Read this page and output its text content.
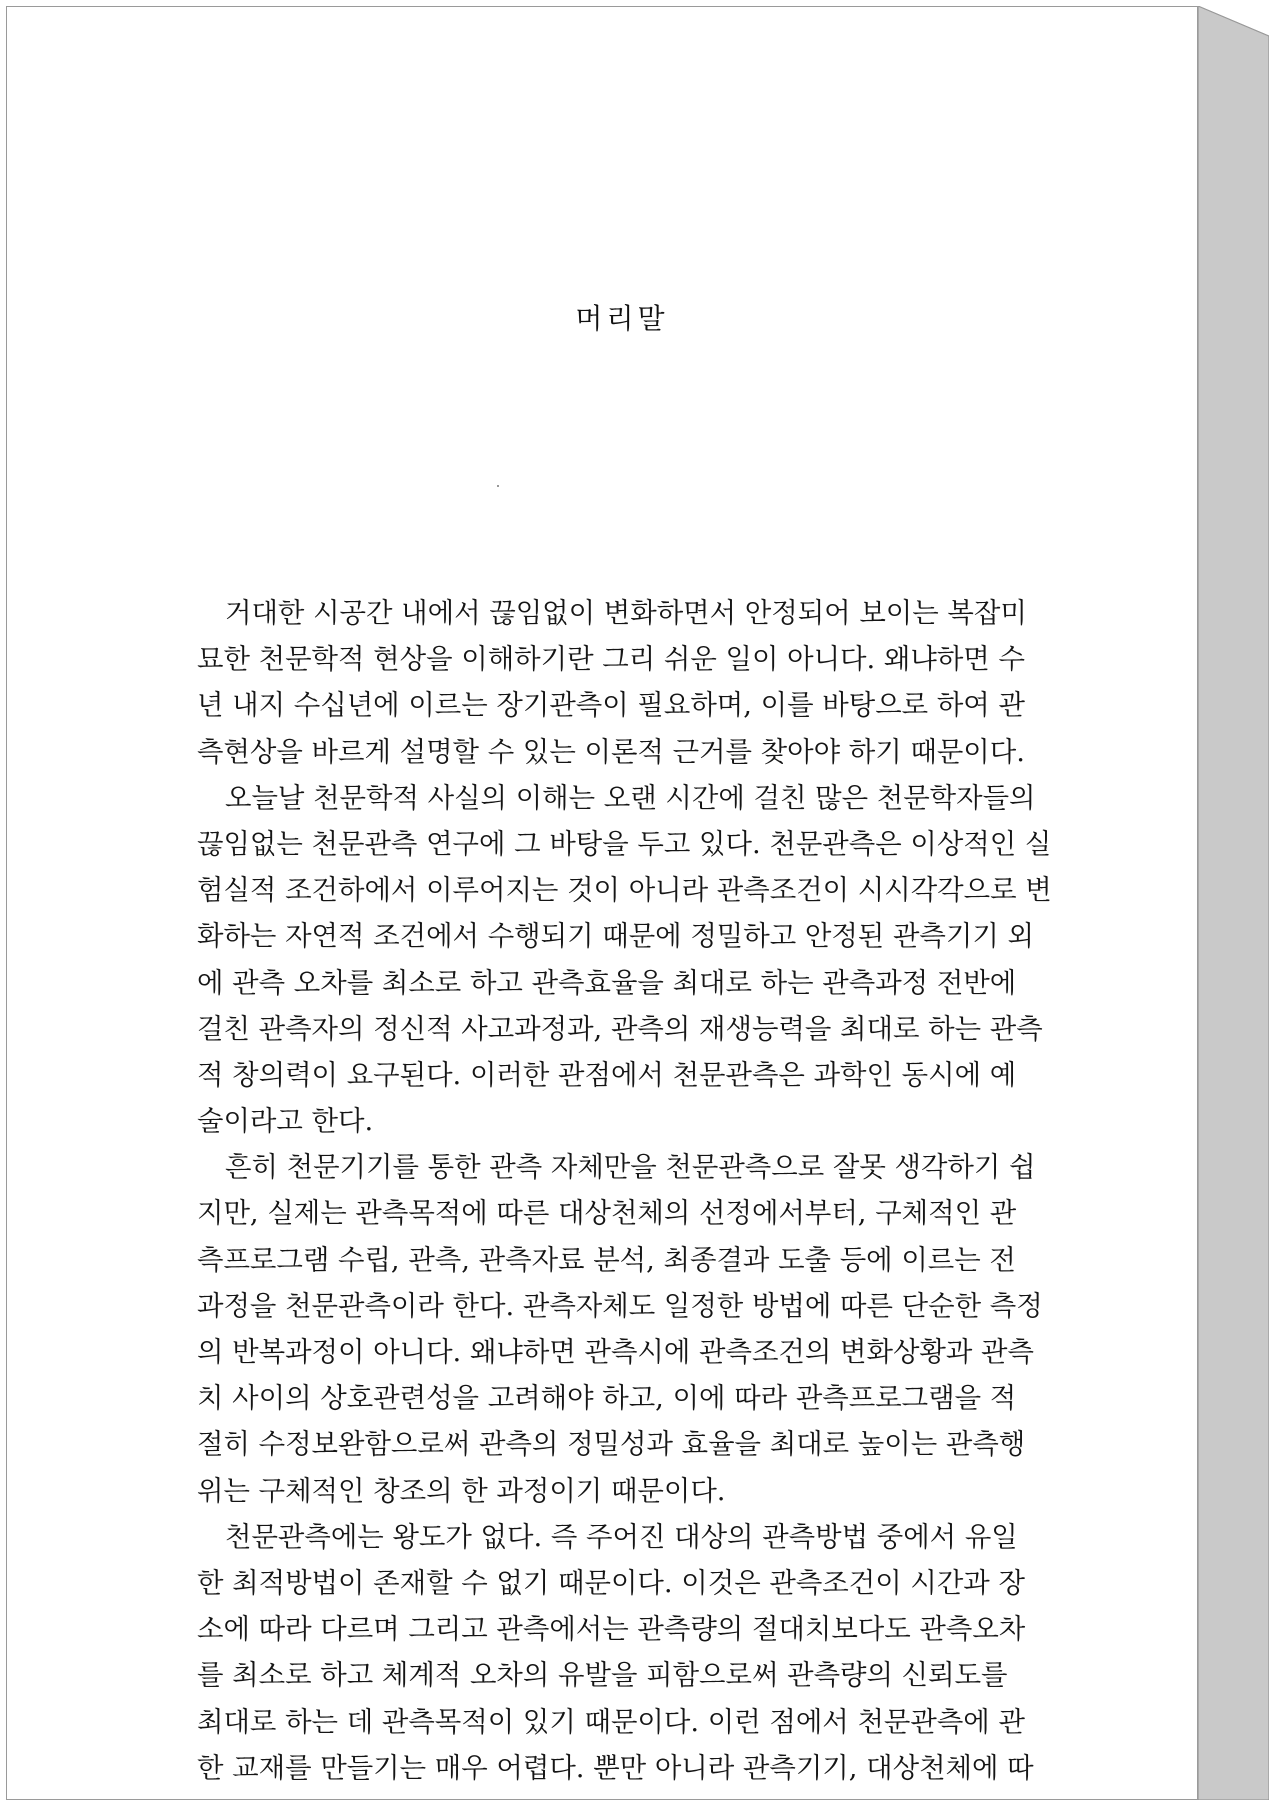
머리말
거대한 시공간 내에서 끊임없이 변화하면서 안정되어 보이는 복잡미
묘한 천문학적 현상을 이해하기란 그리 쉬운 일이 아니다. 왜냐하면 수
년 내지 수십년에 이르는 장기관측이 필요하며, 이를 바탕으로 하여 관
측현상을 바르게 설명할 수 있는 이론적 근거를 찾아야 하기 때문이다.
오늘날 천문학적 사실의 이해는 오랜 시간에 걸친 많은 천문학자들의
끊임없는 천문관측 연구에 그 바탕을 두고 있다. 천문관측은 이상적인 실
험실적 조건하에서 이루어지는 것이 아니라 관측조건이 시시각각으로 변
화하는 자연적 조건에서 수행되기 때문에 정밀하고 안정된 관측기기 외
에 관측 오차를 최소로 하고 관측효율을 최대로 하는 관측과정 전반에
걸친 관측자의 정신적 사고과정과, 관측의 재생능력을 최대로 하는 관측
적 창의력이 요구된다. 이러한 관점에서 천문관측은 과학인 동시에 예
술이라고 한다.
흔히 천문기기를 통한 관측 자체만을 천문관측으로 잘못 생각하기 쉽
지만, 실제는 관측목적에 따른 대상천체의 선정에서부터, 구체적인 관
측프로그램 수립, 관측, 관측자료 분석, 최종결과 도출 등에 이르는 전
과정을 천문관측이라 한다. 관측자체도 일정한 방법에 따른 단순한 측정
의 반복과정이 아니다. 왜냐하면 관측시에 관측조건의 변화상황과 관측
치 사이의 상호관련성을 고려해야 하고, 이에 따라 관측프로그램을 적
절히 수정보완함으로써 관측의 정밀성과 효율을 최대로 높이는 관측행
위는 구체적인 창조의 한 과정이기 때문이다.
천문관측에는 왕도가 없다. 즉 주어진 대상의 관측방법 중에서 유일
한 최적방법이 존재할 수 없기 때문이다. 이것은 관측조건이 시간과 장
소에 따라 다르며 그리고 관측에서는 관측량의 절대치보다도 관측오차
를 최소로 하고 체계적 오차의 유발을 피함으로써 관측량의 신뢰도를
최대로 하는 데 관측목적이 있기 때문이다. 이런 점에서 천문관측에 관
한 교재를 만들기는 매우 어렵다. 뿐만 아니라 관측기기, 대상천체에 따
